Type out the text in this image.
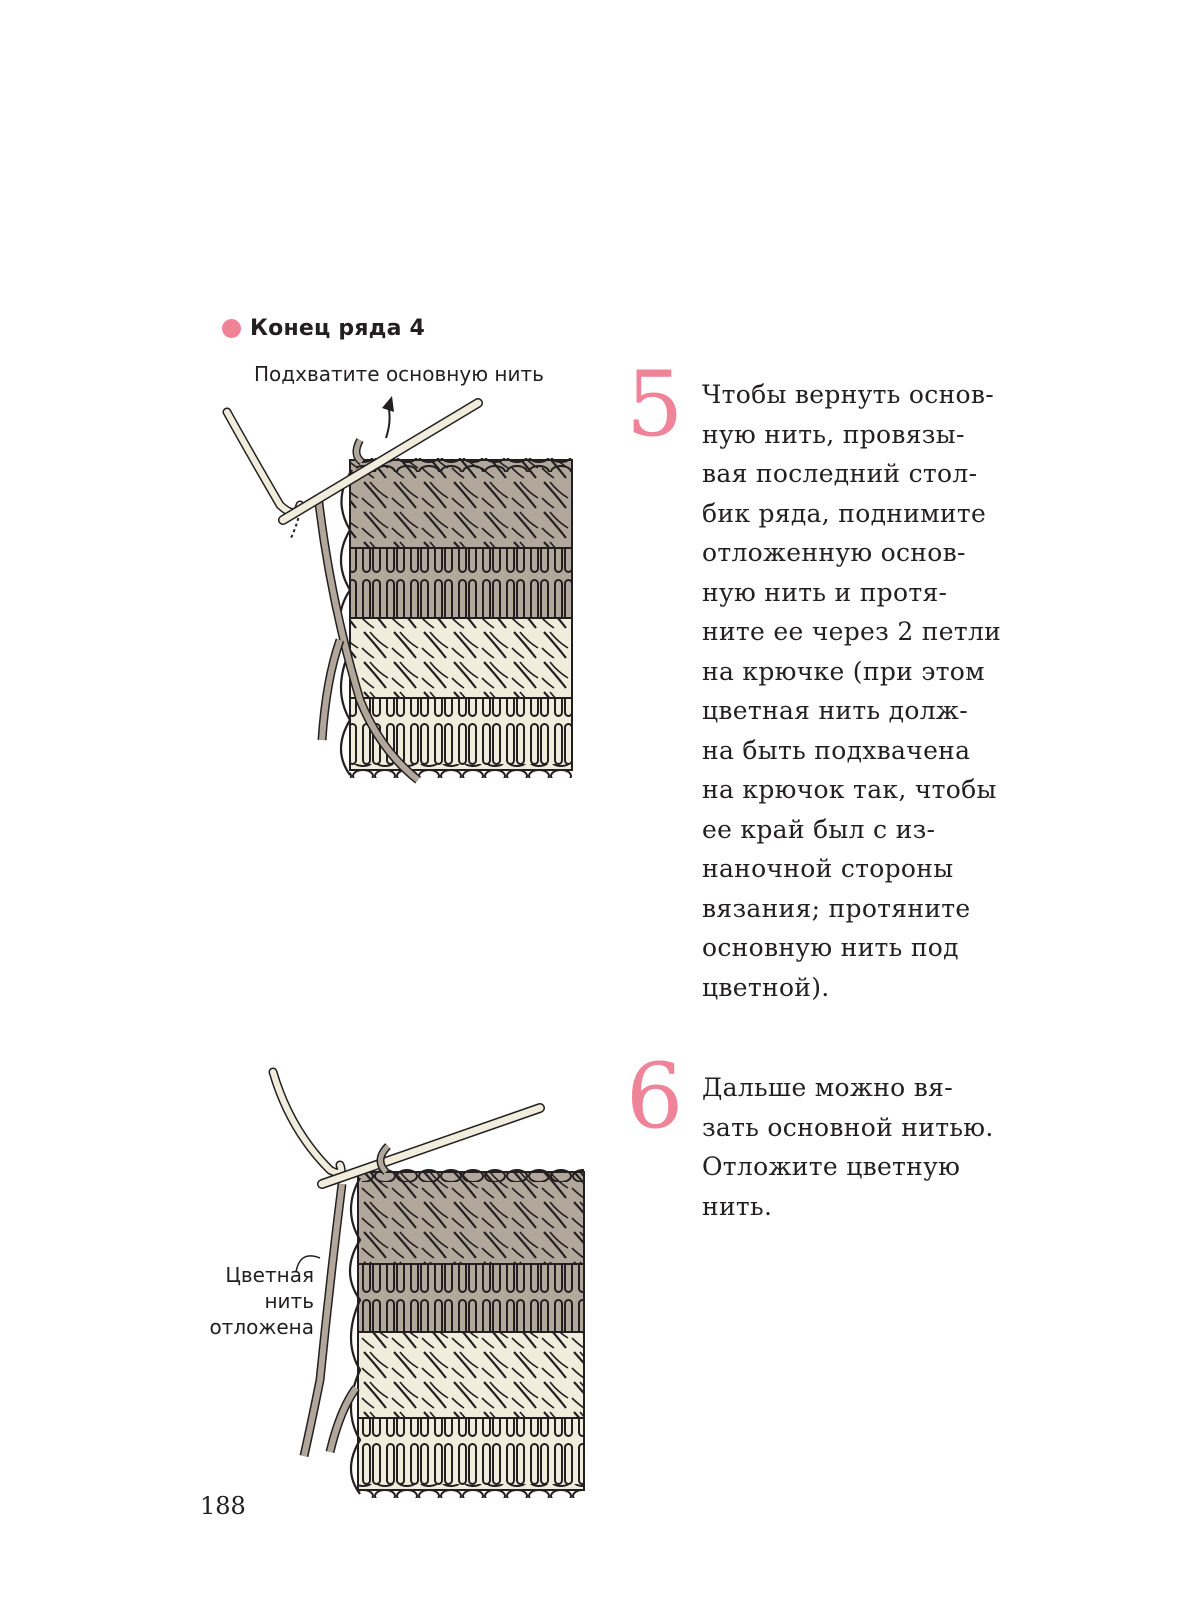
Конец ряда 4
Подхватите основную нить 5 Чтобы вернуть основ-
ную нить, провязы-
вая последний стол-
бик ряда, поднимите
отложенную основ-
ную нить и протя-
ните ее через 2 петли
на крючке (при этом
цветная нить долж-
на быть подхвачена
на крючок так, чтобы
ее край был с из-
наночной стороны
вязания; протяните
основную нить под
цветной).
Цветная
нить
отложена
6 Дальше можно вя-
зать основной нитью.
Отложите цветную
нить.
188
